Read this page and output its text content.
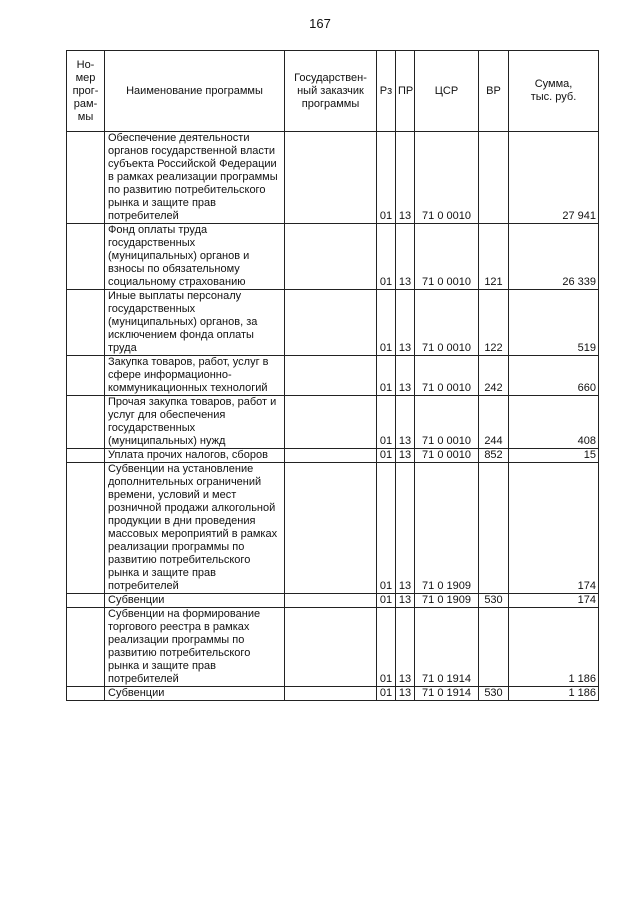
167
Но-
мер
прог-
рам-
мы	Наименование программы	Государствен-
ный заказчик
программы	Рз	ПР	ЦСР	ВР	Сумма,
тыс. руб.
	Обеспечение деятельности органов государственной власти субъекта Российской Федерации в рамках реализации программы по развитию потребительского рынка и защите прав потребителей		01	13	71 0 0010		27 941
	Фонд оплаты труда государственных (муниципальных) органов и взносы по обязательному социальному страхованию		01	13	71 0 0010	121	26 339
	Иные выплаты персоналу государственных (муниципальных) органов, за исключением фонда оплаты труда		01	13	71 0 0010	122	519
	Закупка товаров, работ, услуг в сфере информационно-коммуникационных технологий		01	13	71 0 0010	242	660
	Прочая закупка товаров, работ и услуг для обеспечения государственных (муниципальных) нужд		01	13	71 0 0010	244	408
	Уплата прочих налогов, сборов		01	13	71 0 0010	852	15
	Субвенции на установление дополнительных ограничений времени, условий и мест розничной продажи алкогольной продукции в дни проведения массовых мероприятий в рамках реализации программы по развитию потребительского рынка и защите прав потребителей		01	13	71 0 1909		174
	Субвенции		01	13	71 0 1909	530	174
	Субвенции на формирование торгового реестра в рамках реализации программы по развитию потребительского рынка и защите прав потребителей		01	13	71 0 1914		1 186
	Субвенции		01	13	71 0 1914	530	1 186
